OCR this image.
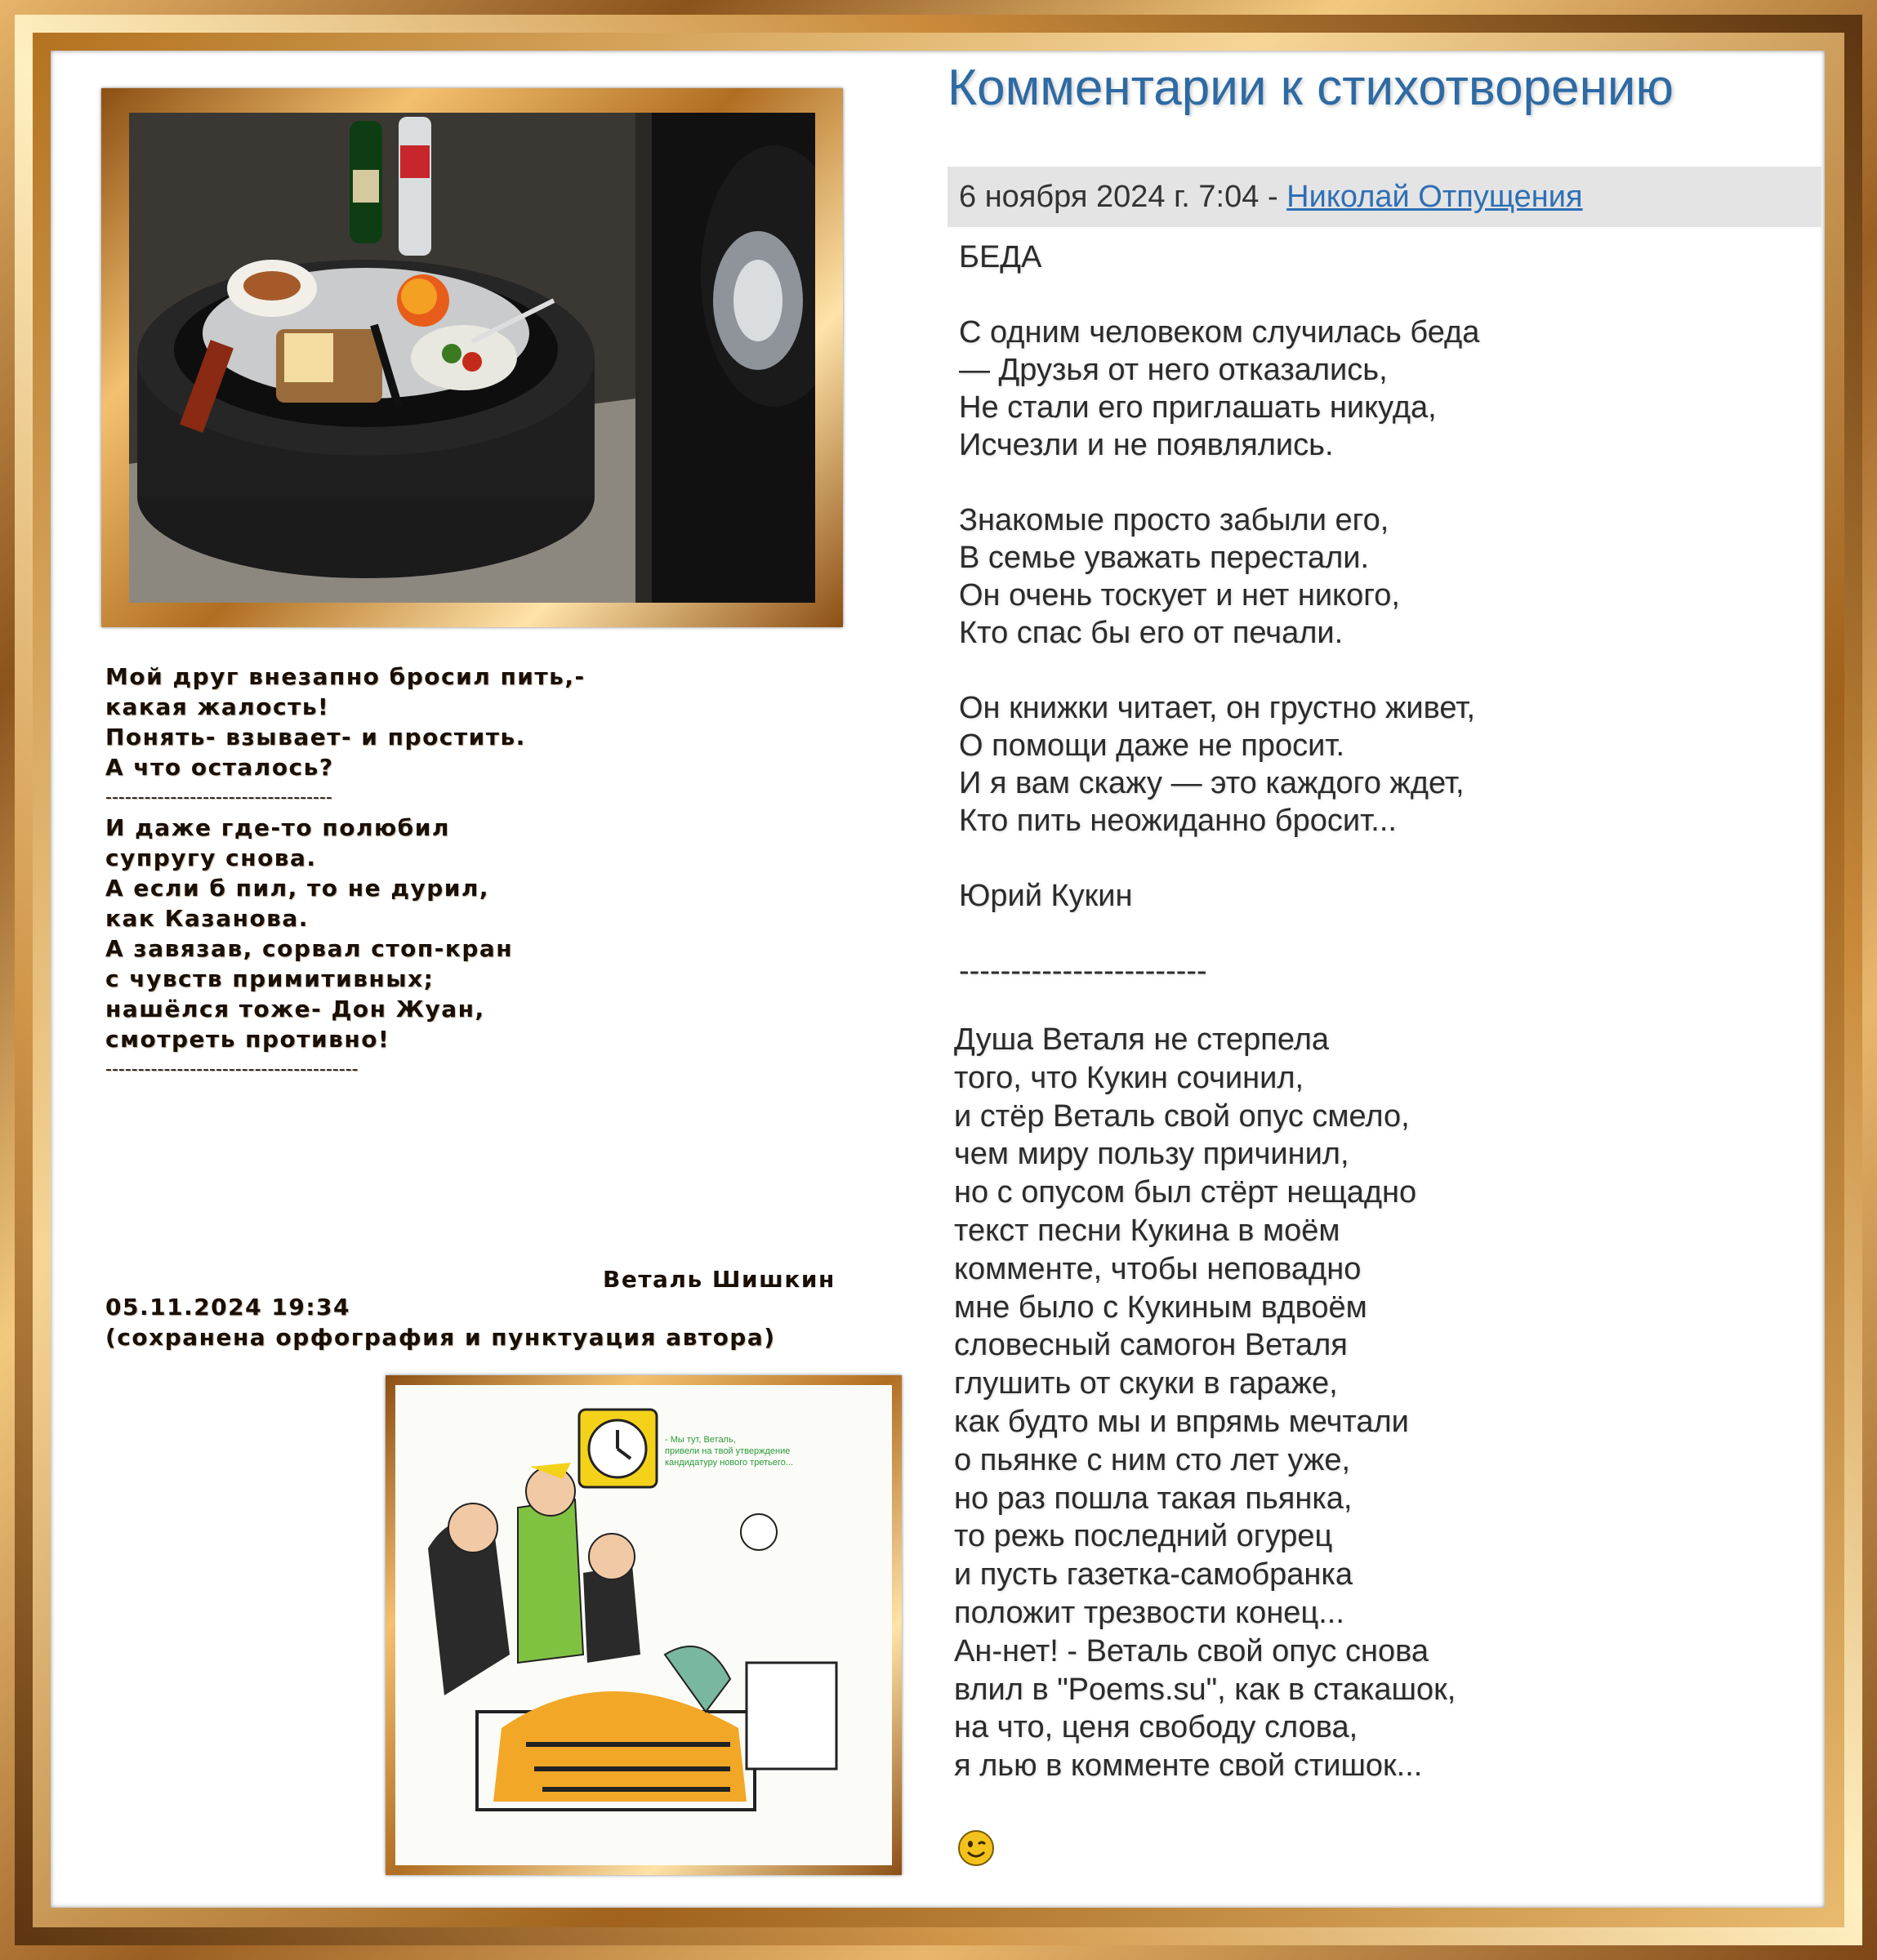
Мой друг внезапно бросил пить,-
какая жалость!
Понять- взывает- и простить.
А что осталось?
-----------------------------------
И даже где-то полюбил
супругу снова.
А если б пил, то не дурил,
как Казанова.
А завязав, сорвал стоп-кран
с чувств примитивных;
нашёлся тоже- Дон Жуан,
смотреть противно!
---------------------------------------
Веталь Шишкин
05.11.2024 19:34
(сохранена орфография и пунктуация автора)
- Мы тут, Веталь, привели на твой утверждение кандидатуру нового третьего...
Комментарии к стихотворению
6 ноября 2024 г. 7:04 - Николай Отпущения
БЕДА
С одним человеком случилась беда
— Друзья от него отказались,
Не стали его приглашать никуда,
Исчезли и не появлялись.
Знакомые просто забыли его,
В семье уважать перестали.
Он очень тоскует и нет никого,
Кто спас бы его от печали.
Он книжки читает, он грустно живет,
О помощи даже не просит.
И я вам скажу — это каждого ждет,
Кто пить неожиданно бросит...
Юрий Кукин
------------------------
Душа Веталя не стерпела
того, что Кукин сочинил,
и стёр Веталь свой опус смело,
чем миру пользу причинил,
но с опусом был стёрт нещадно
текст песни Кукина в моём
комменте, чтобы неповадно
мне было с Кукиным вдвоём
словесный самогон Веталя
глушить от скуки в гараже,
как будто мы и впрямь мечтали
о пьянке с ним сто лет уже,
но раз пошла такая пьянка,
то режь последний огурец
и пусть газетка-самобранка
положит трезвости конец...
Ан-нет! - Веталь свой опус снова
влил в "Poems.su", как в стакашок,
на что, ценя свободу слова,
я лью в комменте свой стишок...
